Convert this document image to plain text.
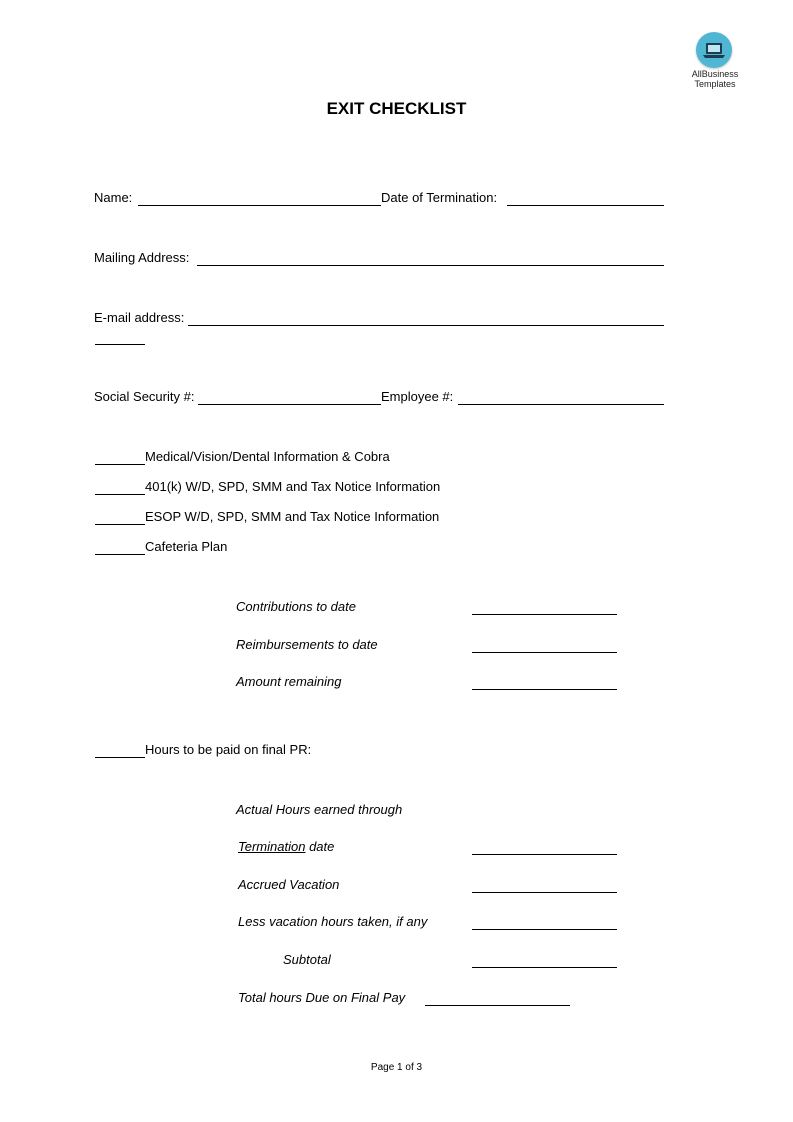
AllBusiness
Templates
EXIT CHECKLIST
Name:	Date of Termination:
Mailing Address:
E-mail address:
Social Security #:	Employee #:
Medical/Vision/Dental Information & Cobra
401(k) W/D, SPD, SMM and Tax Notice Information
ESOP W/D, SPD, SMM and Tax Notice Information
Cafeteria Plan
Contributions to date
Reimbursements to date
Amount remaining
Hours to be paid on final PR:
Actual Hours earned through
Termination date
Accrued Vacation
Less vacation hours taken, if any
Subtotal
Total hours Due on Final Pay
Page 1 of 3
